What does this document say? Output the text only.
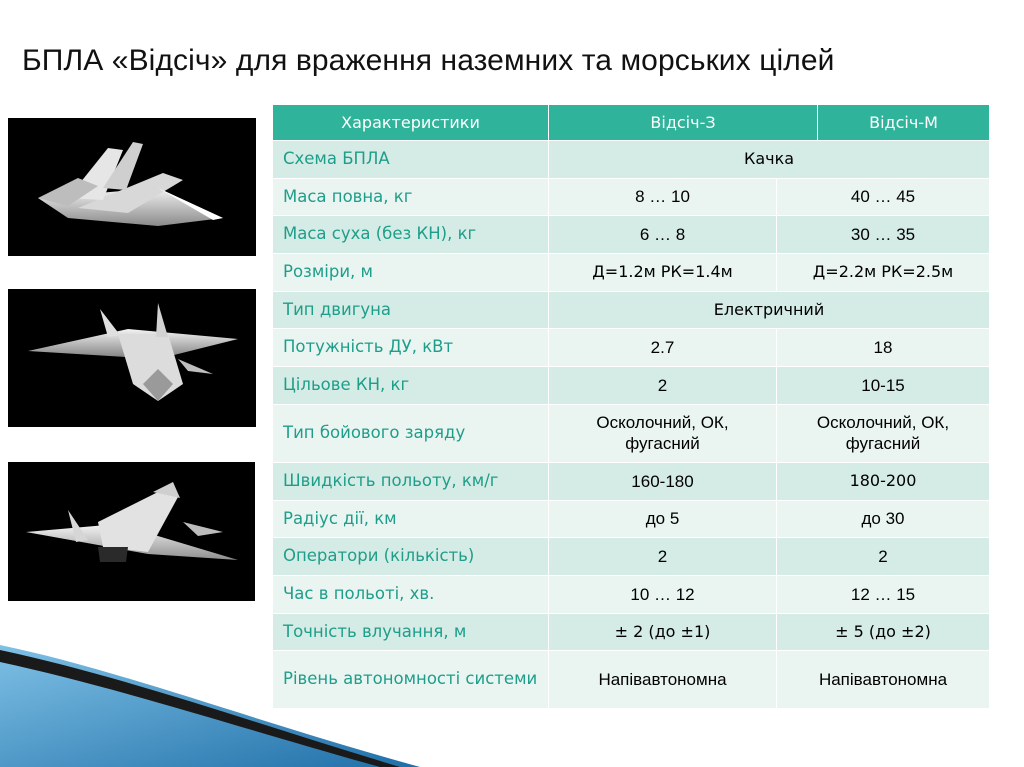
БПЛА «Відсіч» для враження наземних та морських цілей
Характеристики	Відсіч-З		Відсіч-М
Схема БПЛА	Качка		
Маса повна, кг	8 … 10	40 … 45	
Маса суха (без КН), кг	6 … 8	30 … 35	
Розміри, м	Д=1.2м РК=1.4м	Д=2.2м РК=2.5м	
Тип двигуна	Електричний		
Потужність ДУ, кВт	2.7	18	
Цільове КН, кг	2	10-15	
Тип бойового заряду	Осколочний, ОК, фугасний	Осколочний, ОК, фугасний	
Швидкість польоту, км/г	160-180	180-200	
Радіус дії, км	до 5	до 30	
Оператори (кількість)	2	2	
Час в польоті, хв.	10 … 12	12 … 15	
Точність влучання, м	± 2 (до ±1)	± 5 (до ±2)	
Рівень автономності системи	Напівавтономна	Напівавтономна	
